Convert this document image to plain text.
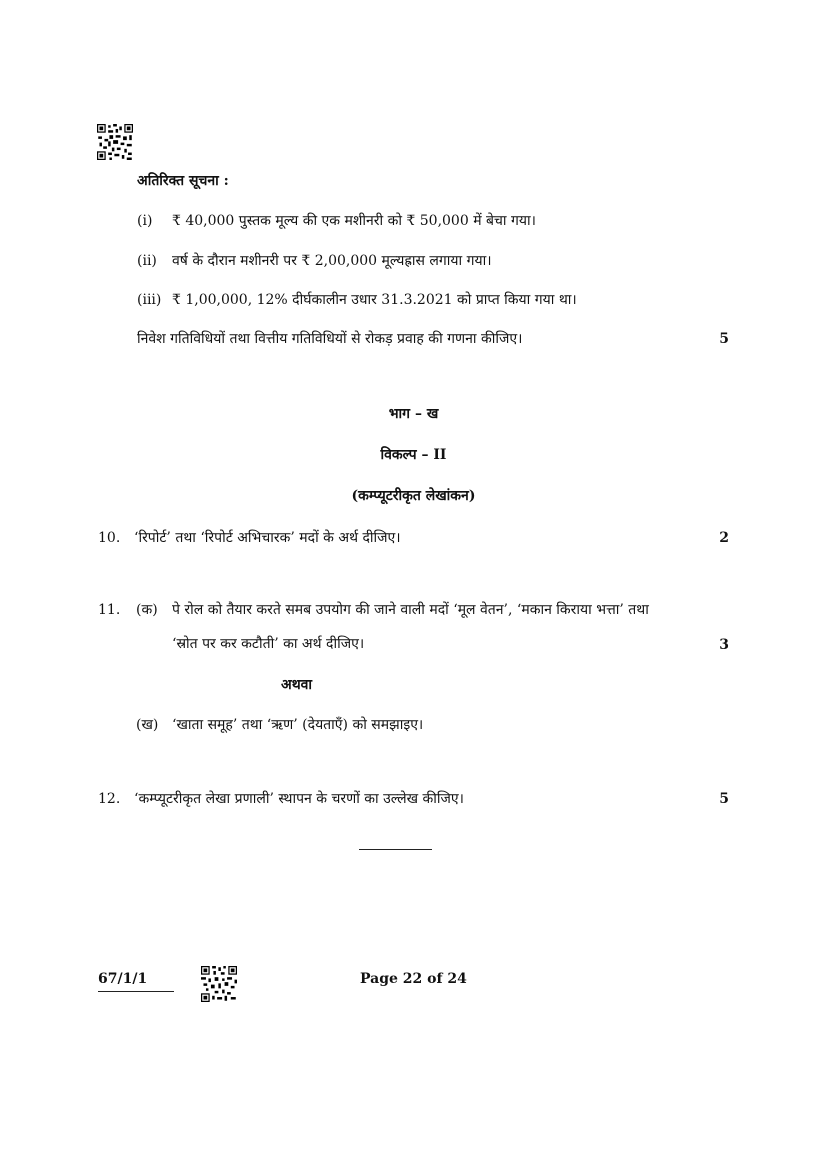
अतिरिक्त सूचना :
(i) ₹ 40,000 पुस्तक मूल्य की एक मशीनरी को ₹ 50,000 में बेचा गया।
(ii) वर्ष के दौरान मशीनरी पर ₹ 2,00,000 मूल्यह्रास लगाया गया।
(iii) ₹ 1,00,000, 12% दीर्घकालीन उधार 31.3.2021 को प्राप्त किया गया था।
निवेश गतिविधियों तथा वित्तीय गतिविधियों से रोकड़ प्रवाह की गणना कीजिए।	5
भाग – ख
विकल्प – II
(कम्प्यूटरीकृत लेखांकन)
10. ‘रिपोर्ट’ तथा ‘रिपोर्ट अभिचारक’ मदों के अर्थ दीजिए।	2
11. (क) पे रोल को तैयार करते समब उपयोग की जाने वाली मदों ‘मूल वेतन’, ‘मकान किराया भत्ता’ तथा
‘स्रोत पर कर कटौती’ का अर्थ दीजिए।	3
अथवा
(ख) ‘खाता समूह’ तथा ‘ऋण’ (देयताएँ) को समझाइए।
12. ‘कम्प्यूटरीकृत लेखा प्रणाली’ स्थापन के चरणों का उल्लेख कीजिए।	5
67/1/1	Page 22 of 24
